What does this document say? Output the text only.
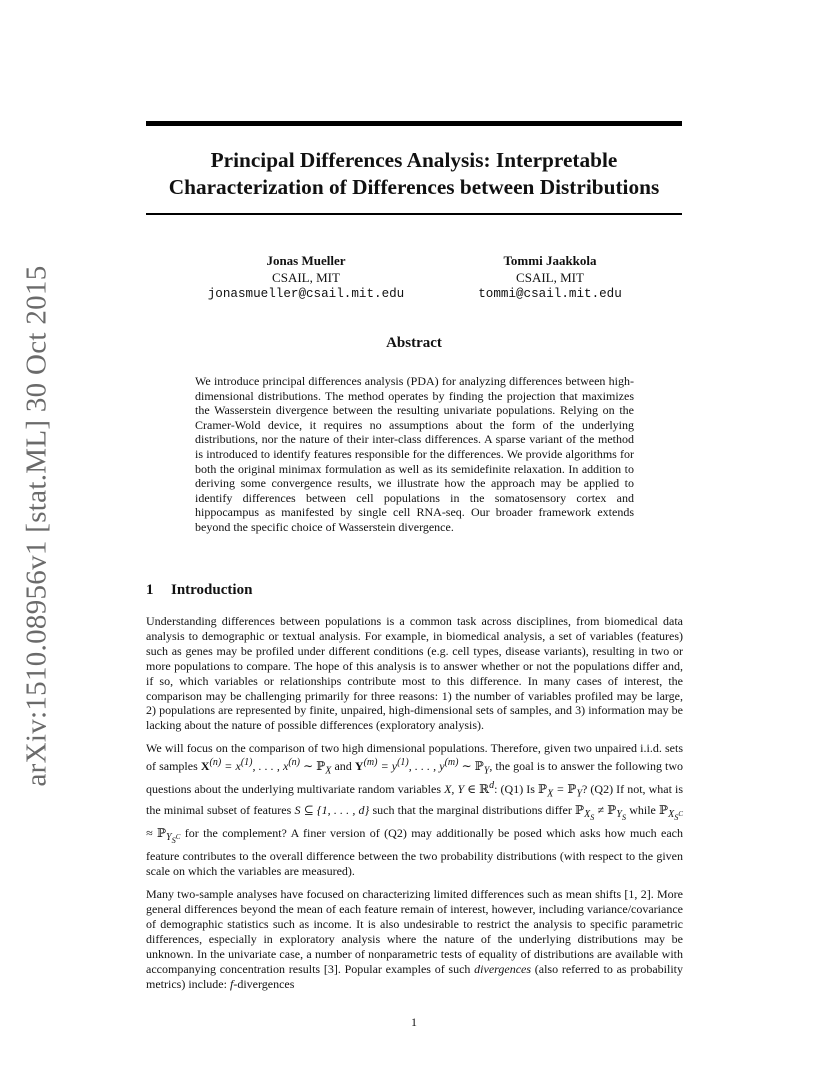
arXiv:1510.08956v1 [stat.ML] 30 Oct 2015
Principal Differences Analysis: Interpretable
Characterization of Differences between Distributions
Jonas Mueller
CSAIL, MIT
jonasmueller@csail.mit.edu
Tommi Jaakkola
CSAIL, MIT
tommi@csail.mit.edu
Abstract
We introduce principal differences analysis (PDA) for analyzing differences between high-dimensional distributions. The method operates by finding the projection that maximizes the Wasserstein divergence between the resulting univariate populations. Relying on the Cramer-Wold device, it requires no assumptions about the form of the underlying distributions, nor the nature of their inter-class differences. A sparse variant of the method is introduced to identify features responsible for the differences. We provide algorithms for both the original minimax formulation as well as its semidefinite relaxation. In addition to deriving some convergence results, we illustrate how the approach may be applied to identify differences between cell populations in the somatosensory cortex and hippocampus as manifested by single cell RNA-seq. Our broader framework extends beyond the specific choice of Wasserstein divergence.
1 Introduction

Understanding differences between populations is a common task across disciplines, from biomedical data analysis to demographic or textual analysis. For example, in biomedical analysis, a set of variables (features) such as genes may be profiled under different conditions (e.g. cell types, disease variants), resulting in two or more populations to compare. The hope of this analysis is to answer whether or not the populations differ and, if so, which variables or relationships contribute most to this difference. In many cases of interest, the comparison may be challenging primarily for three reasons: 1) the number of variables profiled may be large, 2) populations are represented by finite, unpaired, high-dimensional sets of samples, and 3) information may be lacking about the nature of possible differences (exploratory analysis).

We will focus on the comparison of two high dimensional populations. Therefore, given two unpaired i.i.d. sets of samples $X^{(n)} = x^{(1)}$, . . . , $x^{(n)}$ ∼ ℙ$_X$ and $Y^{(m)} = y^{(1)}$, . . . , $y^{(m)}$ ∼ ℙ$_Y$, the goal is to answer the following two questions about the underlying multivariate random variables X, Y ∈ ℝ$^d$: (Q1) Is ℙ$_X$ = ℙ$_Y$? (Q2) If not, what is the minimal subset of features S ⊆ {1, . . . , d} such that the marginal distributions differ ℙ$_{X_S}$ ≠ ℙ$_{Y_S}$ while ℙ$_{X_{S^C}}$ ≈ ℙ$_{Y_{S^C}}$ for the complement? A finer version of (Q2) may additionally be posed which asks how much each feature contributes to the overall difference between the two probability distributions (with respect to the given scale on which the variables are measured).

Many two-sample analyses have focused on characterizing limited differences such as mean shifts [1, 2]. More general differences beyond the mean of each feature remain of interest, however, including variance/covariance of demographic statistics such as income. It is also undesirable to restrict the analysis to specific parametric differences, especially in exploratory analysis where the nature of the underlying distributions may be unknown. In the univariate case, a number of nonparametric tests of equality of distributions are available with accompanying concentration results [3]. Popular examples of such divergences (also referred to as probability metrics) include: f-divergences

1
